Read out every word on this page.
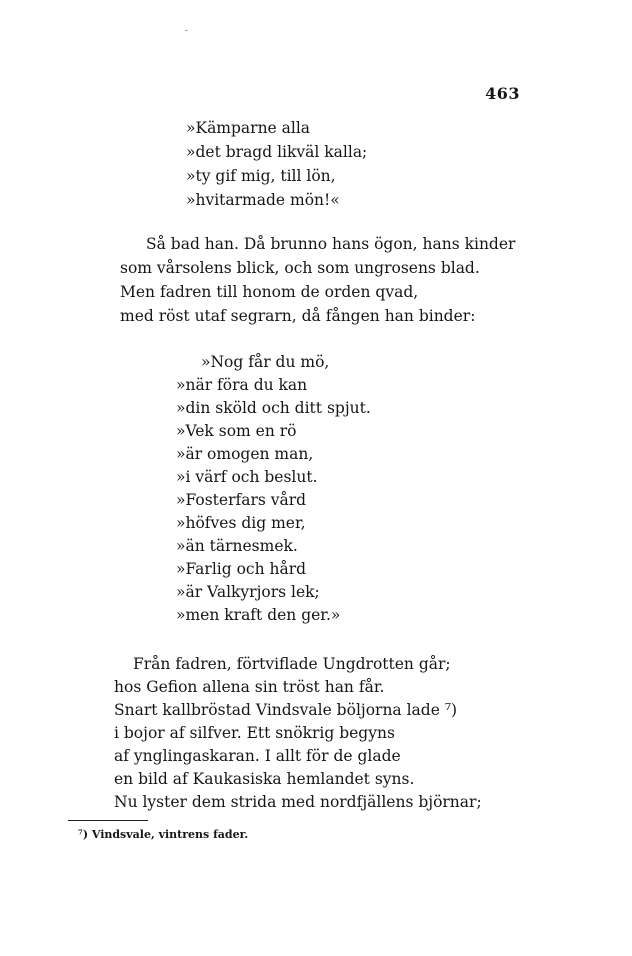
463
»Kämparne alla
»det bragd likväl kalla;
»ty gif mig, till lön,
»hvitarmade mön!«
Så bad han. Då brunno hans ögon, hans kinder
som vårsolens blick, och som ungrosens blad.
Men fadren till honom de orden qvad,
med röst utaf segrarn, då fången han binder:
»Nog får du mö,
»när föra du kan
»din sköld och ditt spjut.
»Vek som en rö
»är omogen man,
»i värf och beslut.
»Fosterfars vård
»höfves dig mer,
»än tärnesmek.
»Farlig och hård
»är Valkyrjors lek;
»men kraft den ger.»
Från fadren, förtviflade Ungdrotten går;
hos Gefion allena sin tröst han får.
Snart kallbröstad Vindsvale böljorna lade ⁷)
i bojor af silfver. Ett snökrig begyns
af ynglingaskaran. I allt för de glade
en bild af Kaukasiska hemlandet syns.
Nu lyster dem strida med nordfjällens björnar;
⁷) Vindsvale, vintrens fader.
